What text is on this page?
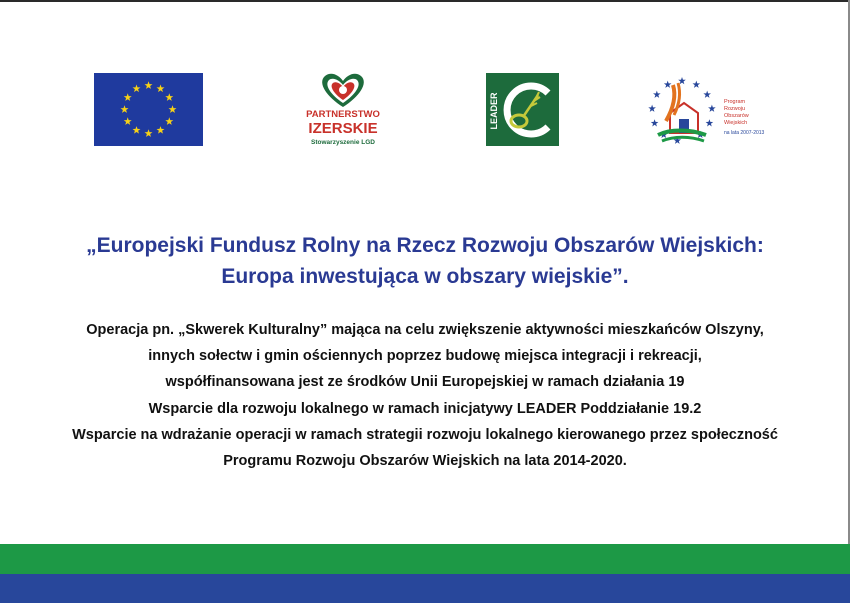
PARTNERSTWO
IZERSKIE
Stowarzyszenie LGD
LEADER	Program
Rozwoju
Obszarów
Wiejskich
na lata 2007-2013
„Europejski Fundusz Rolny na Rzecz Rozwoju Obszarów Wiejskich:
Europa inwestująca w obszary wiejskie”.
Operacja pn. „Skwerek Kulturalny” mająca na celu zwiększenie aktywności mieszkańców Olszyny,
innych sołectw i gmin ościennych poprzez budowę miejsca integracji i rekreacji,
współfinansowana jest ze środków Unii Europejskiej w ramach działania 19
Wsparcie dla rozwoju lokalnego w ramach inicjatywy LEADER Poddziałanie 19.2
Wsparcie na wdrażanie operacji w ramach strategii rozwoju lokalnego kierowanego przez społeczność
Programu Rozwoju Obszarów Wiejskich na lata 2014-2020.
